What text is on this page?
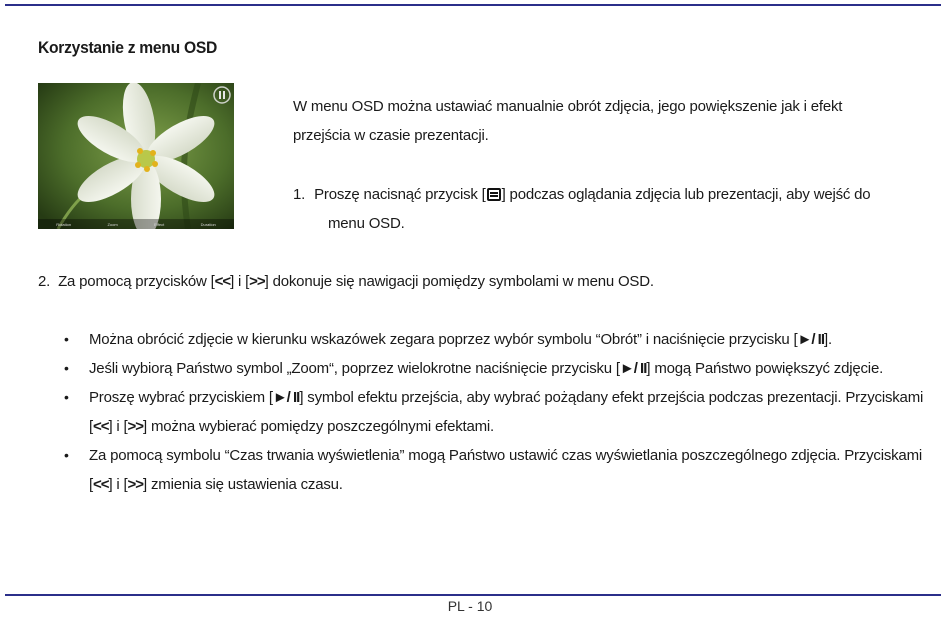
Korzystanie z menu OSD
Rotation	Zoom	Effect	Duration
W menu OSD można ustawiać manualnie obrót zdjęcia, jego powiększenie jak i efekt
przejścia w czasie prezentacji.
1. Proszę nacisnąć przycisk [ ] podczas oglądania zdjęcia lub prezentacji, aby wejść do
menu OSD.
2. Za pomocą przycisków [<<] i [>>] dokonuje się nawigacji pomiędzy symbolami w menu OSD.
• Można obrócić zdjęcie w kierunku wskazówek zegara poprzez wybór symbolu “Obrót” i naciśnięcie przycisku [►/ II].
• Jeśli wybiorą Państwo symbol „Zoom“, poprzez wielokrotne naciśnięcie przycisku [►/ II] mogą Państwo powiększyć zdjęcie.
• Proszę wybrać przyciskiem [►/ II] symbol efektu przejścia, aby wybrać pożądany efekt przejścia podczas prezentacji. Przyciskami
[<<] i [>>] można wybierać pomiędzy poszczególnymi efektami.
• Za pomocą symbolu “Czas trwania wyświetlenia” mogą Państwo ustawić czas wyświetlania poszczególnego zdjęcia. Przyciskami
[<<] i [>>] zmienia się ustawienia czasu.
PL - 10
